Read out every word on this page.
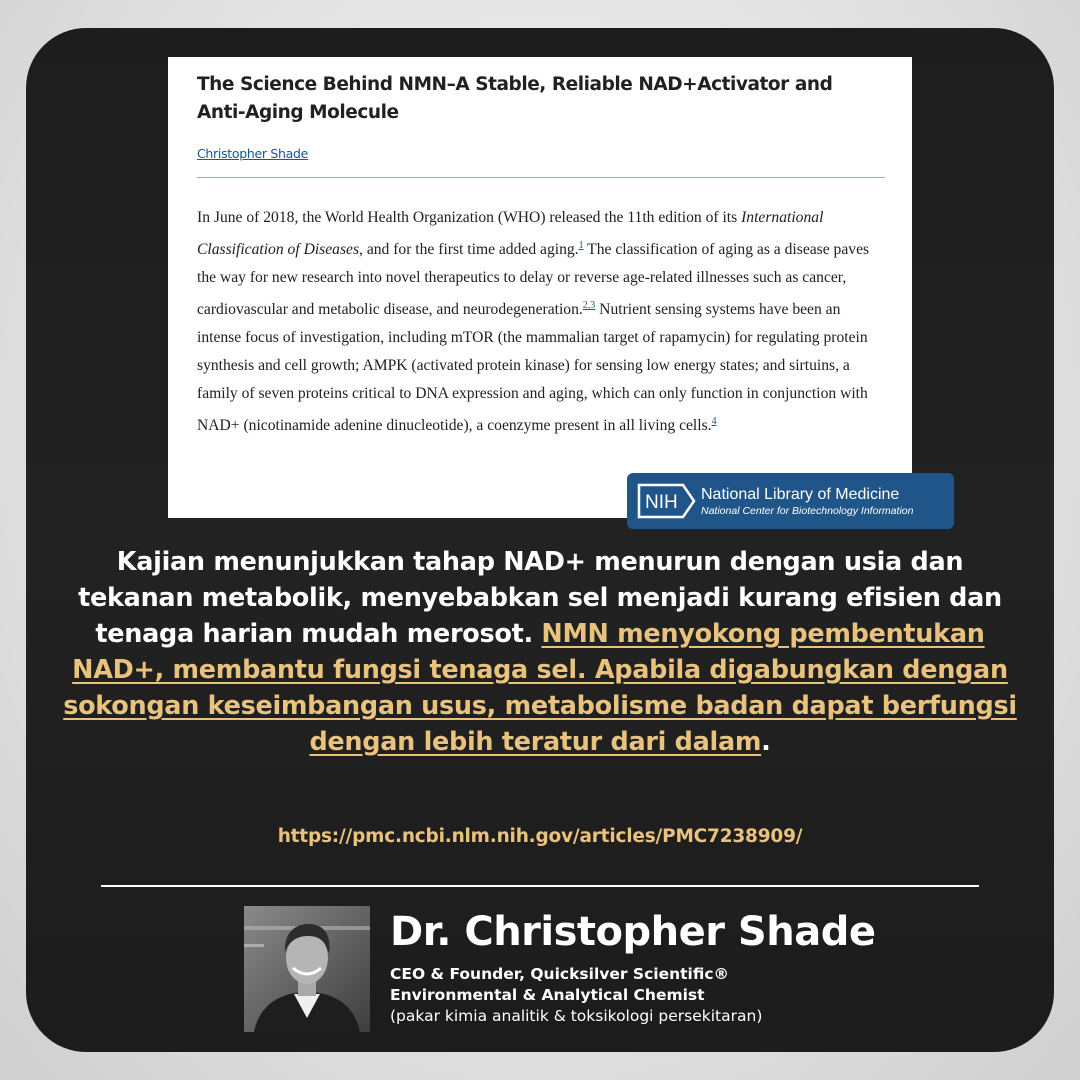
The Science Behind NMN–A Stable, Reliable NAD+Activator and Anti-Aging Molecule
Christopher Shade
In June of 2018, the World Health Organization (WHO) released the 11th edition of its International Classification of Diseases, and for the first time added aging.$^1$ The classification of aging as a disease paves the way for new research into novel therapeutics to delay or reverse age-related illnesses such as cancer, cardiovascular and metabolic disease, and neurodegeneration.$^{2,3}$ Nutrient sensing systems have been an intense focus of investigation, including mTOR (the mammalian target of rapamycin) for regulating protein synthesis and cell growth; AMPK (activated protein kinase) for sensing low energy states; and sirtuins, a family of seven proteins critical to DNA expression and aging, which can only function in conjunction with NAD+ (nicotinamide adenine dinucleotide), a coenzyme present in all living cells.$^4$
NIH National Library of Medicine
National Center for Biotechnology Information
Kajian menunjukkan tahap NAD+ menurun dengan usia dan tekanan metabolik, menyebabkan sel menjadi kurang efisien dan tenaga harian mudah merosot. NMN menyokong pembentukan NAD+, membantu fungsi tenaga sel. Apabila digabungkan dengan sokongan keseimbangan usus, metabolisme badan dapat berfungsi dengan lebih teratur dari dalam.
https://pmc.ncbi.nlm.nih.gov/articles/PMC7238909/
Dr. Christopher Shade
CEO & Founder, Quicksilver Scientific®
Environmental & Analytical Chemist
(pakar kimia analitik & toksikologi persekitaran)
